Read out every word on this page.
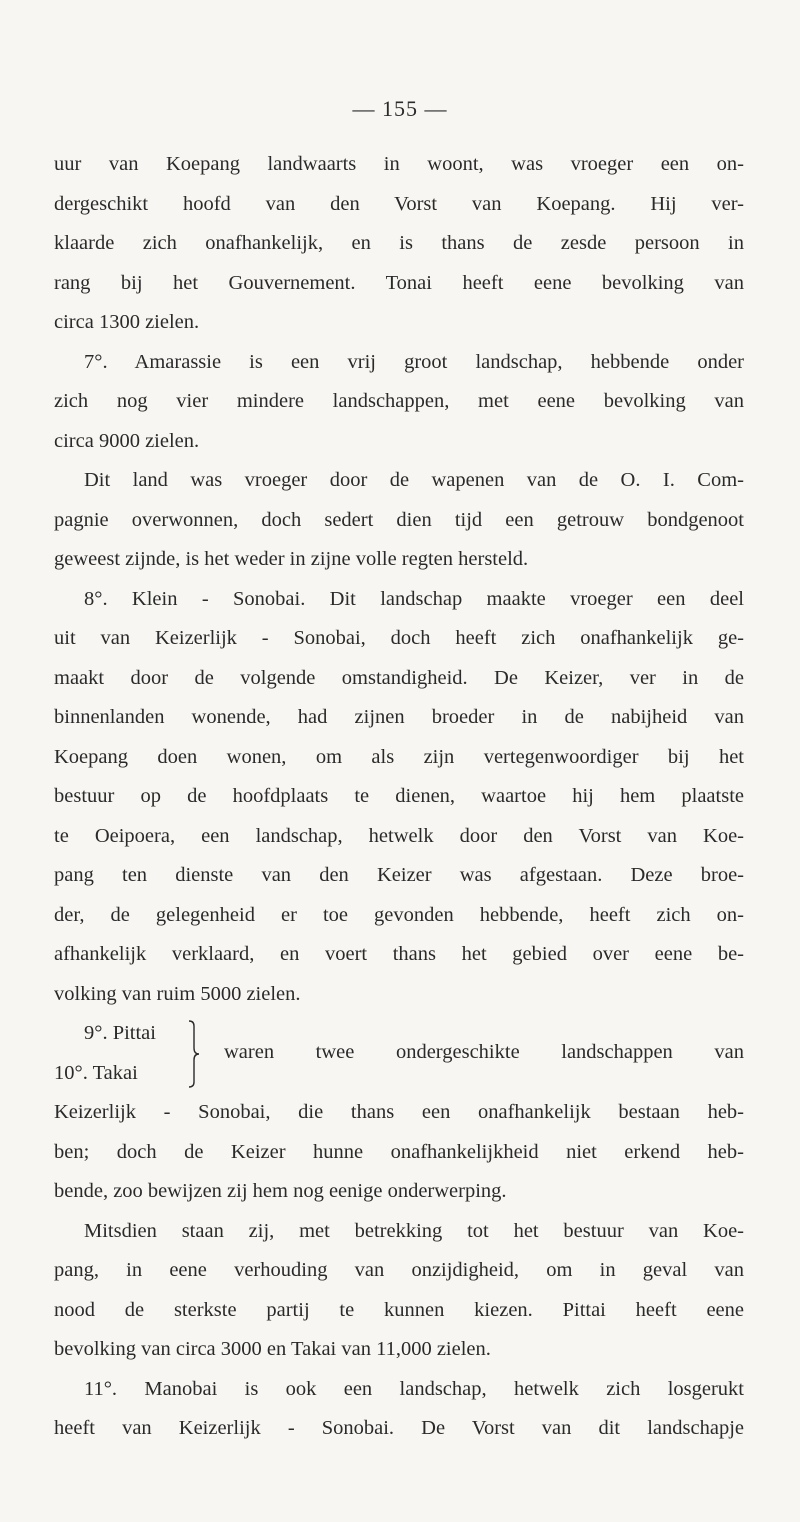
— 155 —
uur van Koepang landwaarts in woont, was vroeger een on-
dergeschikt hoofd van den Vorst van Koepang. Hij ver-
klaarde zich onafhankelijk, en is thans de zesde persoon in
rang bij het Gouvernement. Tonai heeft eene bevolking van
circa 1300 zielen.
7°. Amarassie is een vrij groot landschap, hebbende onder
zich nog vier mindere landschappen, met eene bevolking van
circa 9000 zielen.
Dit land was vroeger door de wapenen van de O. I. Com-
pagnie overwonnen, doch sedert dien tijd een getrouw bondgenoot
geweest zijnde, is het weder in zijne volle regten hersteld.
8°. Klein - Sonobai. Dit landschap maakte vroeger een deel
uit van Keizerlijk - Sonobai, doch heeft zich onafhankelijk ge-
maakt door de volgende omstandigheid. De Keizer, ver in de
binnenlanden wonende, had zijnen broeder in de nabijheid van
Koepang doen wonen, om als zijn vertegenwoordiger bij het
bestuur op de hoofdplaats te dienen, waartoe hij hem plaatste
te Oeipoera, een landschap, hetwelk door den Vorst van Koe-
pang ten dienste van den Keizer was afgestaan. Deze broe-
der, de gelegenheid er toe gevonden hebbende, heeft zich on-
afhankelijk verklaard, en voert thans het gebied over eene be-
volking van ruim 5000 zielen.
9°. Pittai
10°. Takai
waren twee ondergeschikte landschappen van
Keizerlijk - Sonobai, die thans een onafhankelijk bestaan heb-
ben; doch de Keizer hunne onafhankelijkheid niet erkend heb-
bende, zoo bewijzen zij hem nog eenige onderwerping.
Mitsdien staan zij, met betrekking tot het bestuur van Koe-
pang, in eene verhouding van onzijdigheid, om in geval van
nood de sterkste partij te kunnen kiezen. Pittai heeft eene
bevolking van circa 3000 en Takai van 11,000 zielen.
11°. Manobai is ook een landschap, hetwelk zich losgerukt
heeft van Keizerlijk - Sonobai. De Vorst van dit landschapje
